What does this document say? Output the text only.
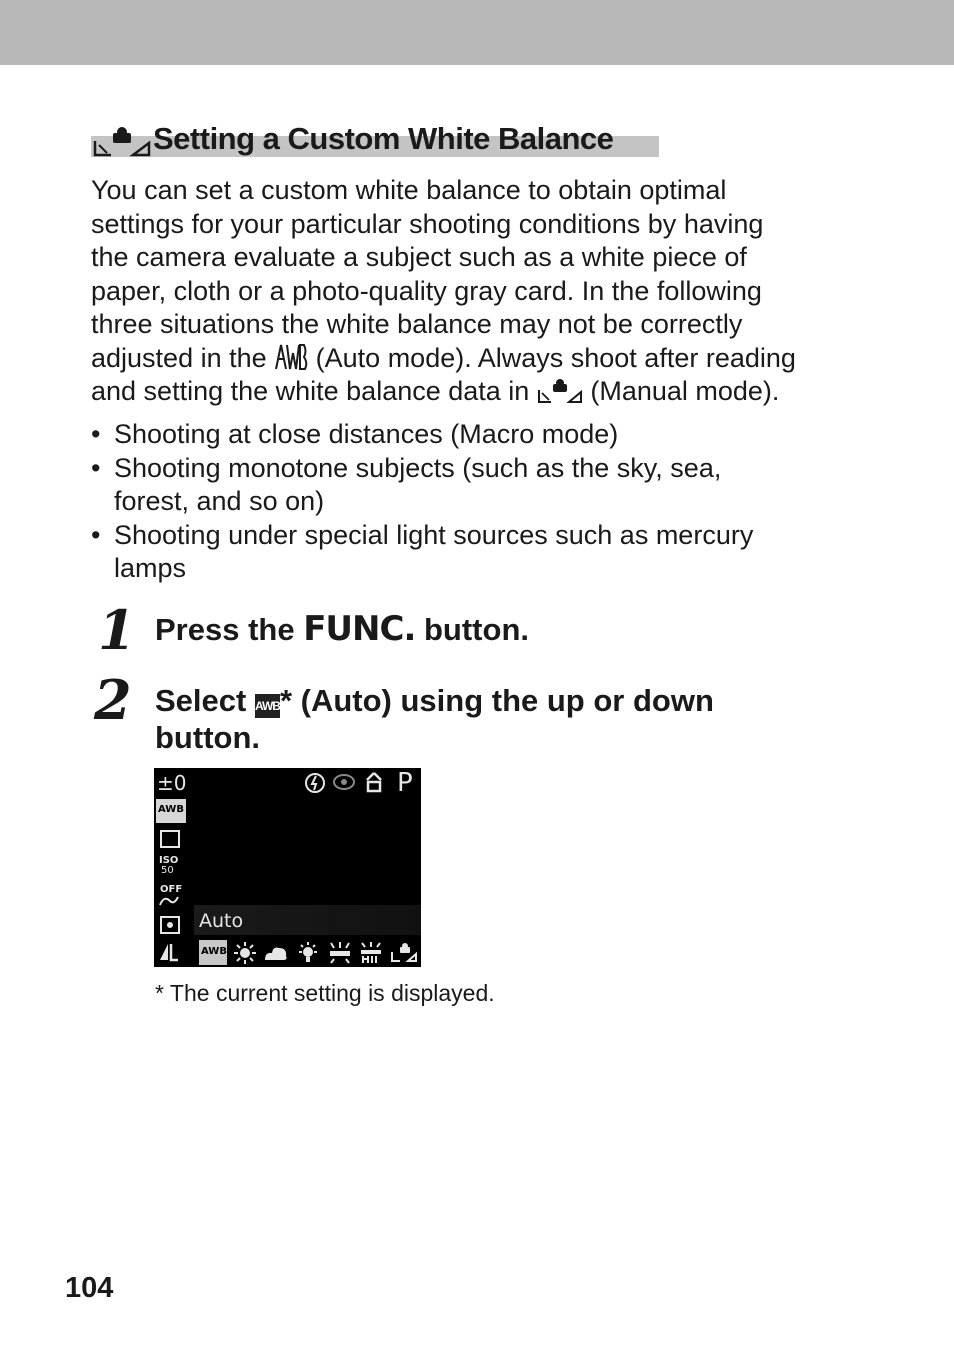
Setting a Custom White Balance
You can set a custom white balance to obtain optimal
settings for your particular shooting conditions by having
the camera evaluate a subject such as a white piece of
paper, cloth or a photo-quality gray card. In the following
three situations the white balance may not be correctly
adjusted in the  (Auto mode). Always shoot after reading
and setting the white balance data in  (Manual mode).
• Shooting at close distances (Macro mode)
• Shooting monotone subjects (such as the sky, sea,
forest, and so on)
• Shooting under special light sources such as mercury
lamps
1 Press the FUNC. button.
2 Select AWB* (Auto) using the up or down
button.
±0
AWB
ISO
50
OFF
P
Auto
AWB
* The current setting is displayed.
104
